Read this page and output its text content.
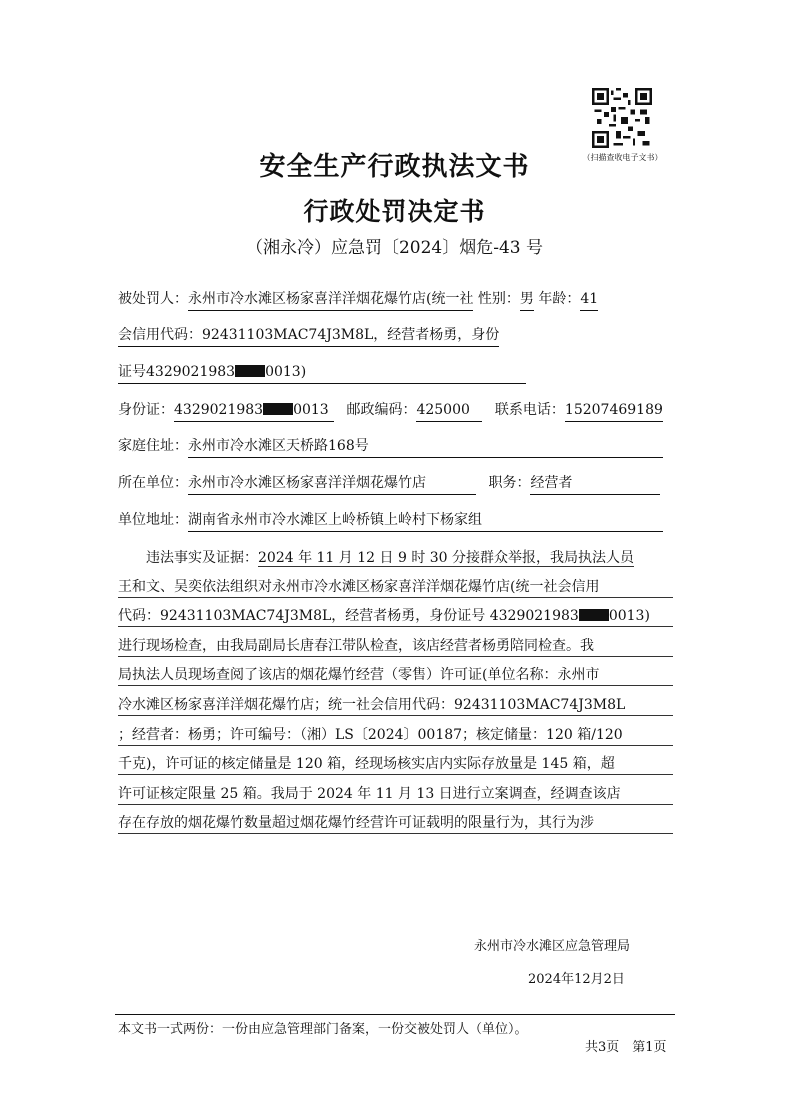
（扫描查收电子文书）
安全生产行政执法文书
行政处罚决定书
（湘永冷）应急罚〔2024〕烟危-43 号
被处罚人：永州市冷水滩区杨家喜洋洋烟花爆竹店(统一社 性别：男 年龄：41
会信用代码：92431103MAC74J3M8L，经营者杨勇，身份
证号4329021983 0013)
身份证：4329021983 0013 邮政编码：425000 联系电话：15207469189
家庭住址：永州市冷水滩区天桥路168号
所在单位：永州市冷水滩区杨家喜洋洋烟花爆竹店	职务：经营者
单位地址：湖南省永州市冷水滩区上岭桥镇上岭村下杨家组
违法事实及证据：2024 年 11 月 12 日 9 时 30 分接群众举报，我局执法人员
王和文、吴奕依法组织对永州市冷水滩区杨家喜洋洋烟花爆竹店(统一社会信用
代码：92431103MAC74J3M8L，经营者杨勇，身份证号 4329021983 0013)
进行现场检查，由我局副局长唐春江带队检查，该店经营者杨勇陪同检查。我
局执法人员现场查阅了该店的烟花爆竹经营（零售）许可证(单位名称：永州市
冷水滩区杨家喜洋洋烟花爆竹店；统一社会信用代码：92431103MAC74J3M8L
；经营者：杨勇；许可编号：（湘）LS〔2024〕00187；核定储量：120 箱/120
千克)，许可证的核定储量是 120 箱，经现场核实店内实际存放量是 145 箱，超
许可证核定限量 25 箱。我局于 2024 年 11 月 13 日进行立案调查，经调查该店
存在存放的烟花爆竹数量超过烟花爆竹经营许可证载明的限量行为，其行为涉
永州市冷水滩区应急管理局
2024年12月2日
本文书一式两份：一份由应急管理部门备案，一份交被处罚人（单位）。
共3页　第1页
